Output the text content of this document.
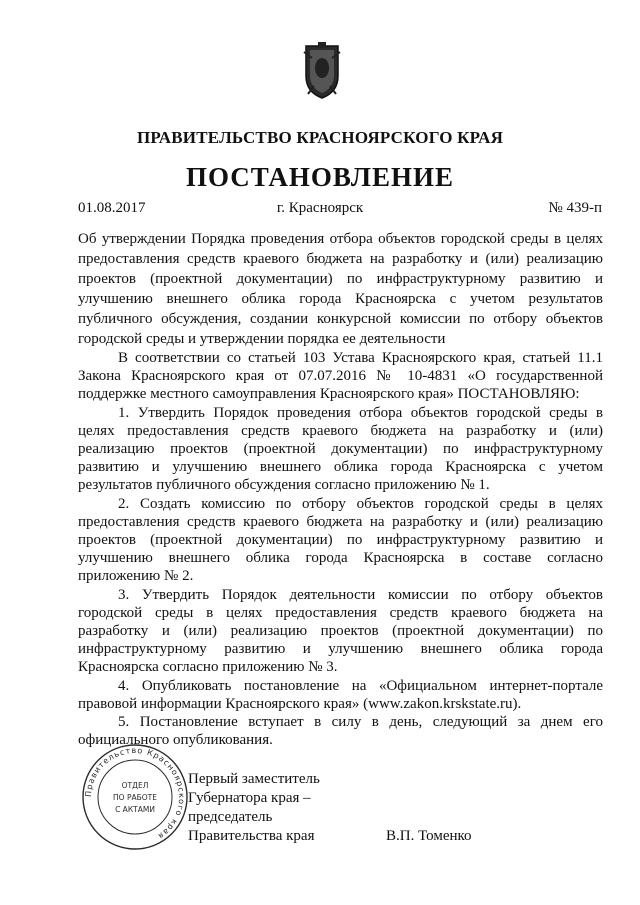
ПРАВИТЕЛЬСТВО КРАСНОЯРСКОГО КРАЯ
ПОСТАНОВЛЕНИЕ
01.08.2017	г. Красноярск	№ 439-п
Об утверждении Порядка проведения отбора объектов городской среды в целях предоставления средств краевого бюджета на разработку и (или) реализацию проектов (проектной документации) по инфраструктурному развитию и улучшению внешнего облика города Красноярска с учетом результатов публичного обсуждения, создании конкурсной комиссии по отбору объектов городской среды и утверждении порядка ее деятельности

В соответствии со статьей 103 Устава Красноярского края, статьей 11.1 Закона Красноярского края от 07.07.2016 № 10-4831 «О государственной поддержке местного самоуправления Красноярского края» ПОСТАНОВЛЯЮ:

1. Утвердить Порядок проведения отбора объектов городской среды в целях предоставления средств краевого бюджета на разработку и (или) реализацию проектов (проектной документации) по инфраструктурному развитию и улучшению внешнего облика города Красноярска с учетом результатов публичного обсуждения согласно приложению № 1.

2. Создать комиссию по отбору объектов городской среды в целях предоставления средств краевого бюджета на разработку и (или) реализацию проектов (проектной документации) по инфраструктурному развитию и улучшению внешнего облика города Красноярска в составе согласно приложению № 2.

3. Утвердить Порядок деятельности комиссии по отбору объектов городской среды в целях предоставления средств краевого бюджета на разработку и (или) реализацию проектов (проектной документации) по инфраструктурному развитию и улучшению внешнего облика города Красноярска согласно приложению № 3.

4. Опубликовать постановление на «Официальном интернет-портале правовой информации Красноярского края» (www.zakon.krskstate.ru).

5. Постановление вступает в силу в день, следующий за днем его официального опубликования.

Правительство Красноярского края
ОТДЕЛ
ПО РАБОТЕ
С АКТАМИ
Первый заместитель
Губернатора края –
председатель
Правительства края	В.П. Томенко
